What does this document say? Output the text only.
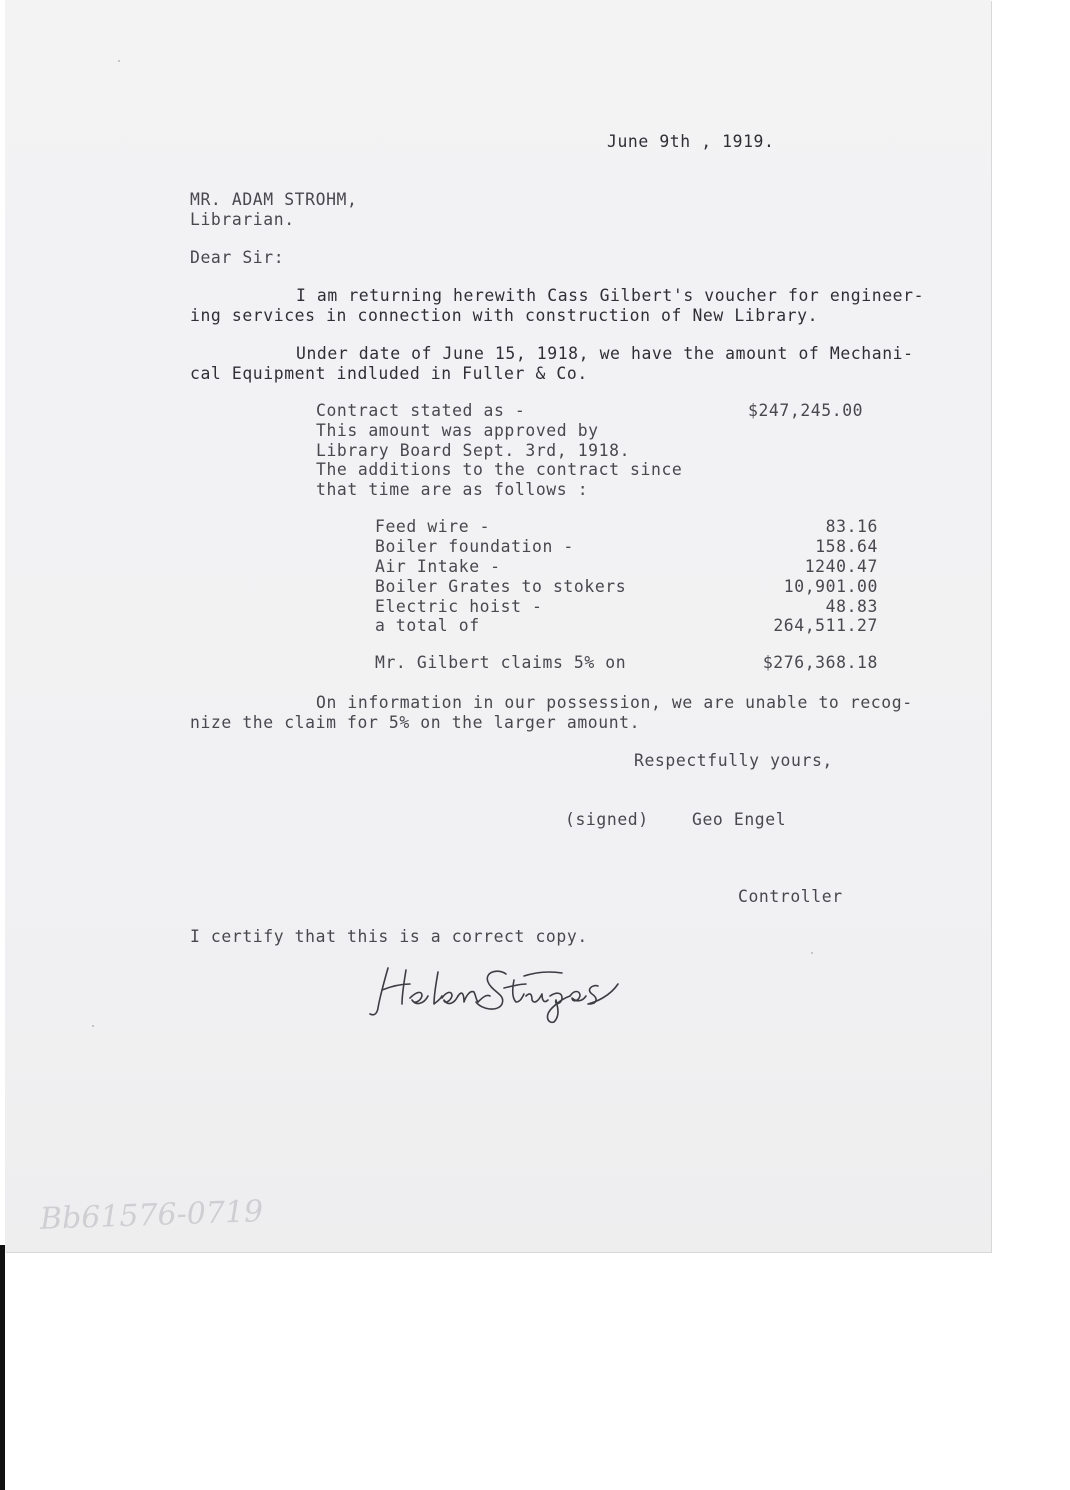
June 9th , 1919.
MR. ADAM STROHM,
Librarian.
Dear Sir:
I am returning herewith Cass Gilbert's voucher for engineer-
ing services in connection with construction of New Library.
Under date of June 15, 1918, we have the amount of Mechani-
cal Equipment indluded in Fuller & Co.
Contract stated as -	$247,245.00
This amount was approved by
Library Board Sept. 3rd, 1918.
The additions to the contract since
that time are as follows :
Feed wire -	83.16
Boiler foundation -	158.64
Air Intake -	1240.47
Boiler Grates to stokers	10,901.00
Electric hoist -	48.83
a total of	264,511.27
Mr. Gilbert claims 5% on	$276,368.18
On information in our possession, we are unable to recog-
nize the claim for 5% on the larger amount.
Respectfully yours,
(signed)	Geo Engel
Controller
I certify that this is a correct copy.
Bb61576-0719
